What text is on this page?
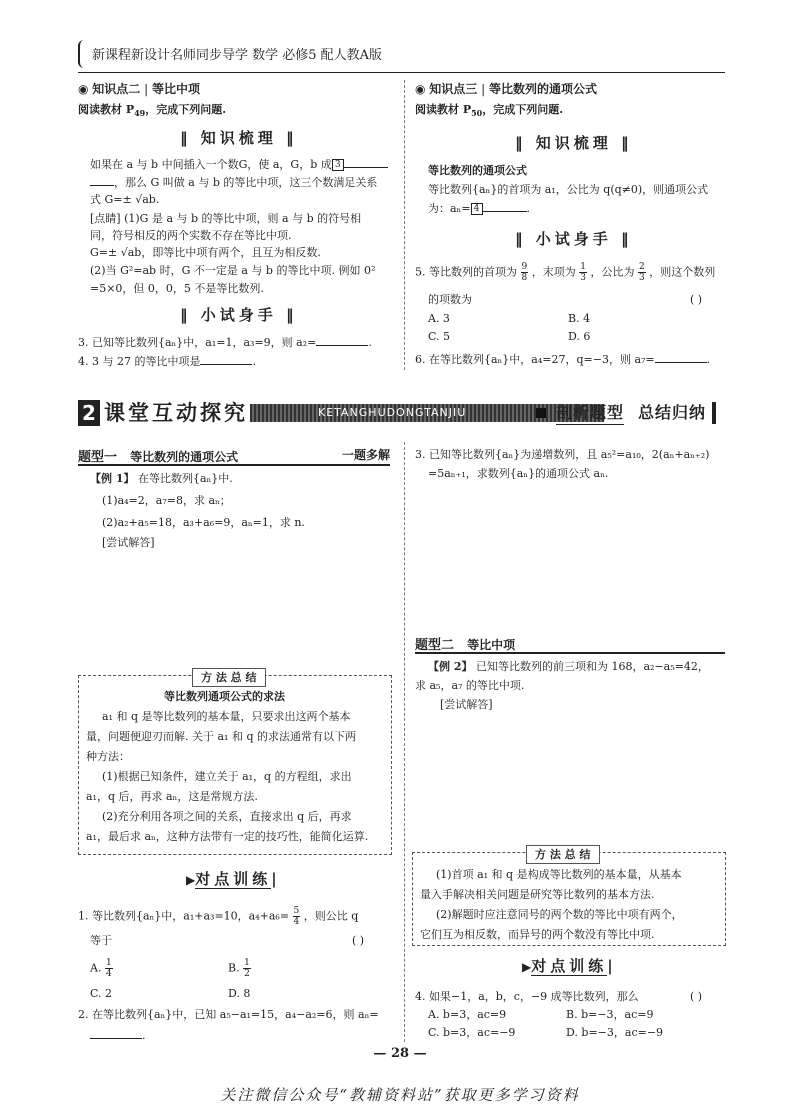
新课程新设计名师同步导学 数学 必修5 配人教A版
◉ 知识点二 | 等比中项
阅读教材 $P_{49}$，完成下列问题.
‖ 知识梳理 ‖
如果在 a 与 b 中间插入一个数G，使 a，G，b 成 3
，那么 G 叫做 a 与 b 的等比中项，这三个数满足关系
式 G=± √ab.
[点睛] (1)G 是 a 与 b 的等比中项，则 a 与 b 的符号相
同，符号相反的两个实数不存在等比中项.
G=± √ab，即等比中项有两个，且互为相反数.
(2)当 G²=ab 时，G 不一定是 a 与 b 的等比中项. 例如 0²
=5×0，但 0，0，5 不是等比数列.
‖ 小试身手 ‖
3. 已知等比数列{aₙ}中，a₁=1，a₃=9，则 a₂=	.
4. 3 与 27 的等比中项是	.
◉ 知识点三 | 等比数列的通项公式
阅读教材 $P_{50}$，完成下列问题.
‖ 知识梳理 ‖
等比数列的通项公式
等比数列{aₙ}的首项为 a₁，公比为 q(q≠0)，则通项公式
为：aₙ= 4	.
‖ 小试身手 ‖
5. 等比数列的首项为 $\frac{9}{8}$ ，末项为 $\frac{1}{3}$ ，公比为 $\frac{2}{3}$ ，则这个数列
的项数为	( )
A. 3	B. 4
C. 5	D. 6
6. 在等比数列{aₙ}中，a₄=27，q=−3，则 a₇=	.
2 课堂互动探究	KETANGHUDONGTANJIU	剖析题型 总结归纳
题型一 等比数列的通项公式	一题多解
【例 1】 在等比数列{aₙ}中.
(1)a₄=2，a₇=8，求 aₙ；
(2)a₂+a₅=18，a₃+a₆=9，aₙ=1，求 n.
[尝试解答]
方 法 总 结
等比数列通项公式的求法
a₁ 和 q 是等比数列的基本量，只要求出这两个基本
量，问题便迎刃而解. 关于 a₁ 和 q 的求法通常有以下两
种方法：
(1)根据已知条件，建立关于 a₁，q 的方程组，求出
a₁，q 后，再求 aₙ，这是常规方法.
(2)充分利用各项之间的关系，直接求出 q 后，再求
a₁，最后求 aₙ，这种方法带有一定的技巧性，能简化运算.
▶对点训练|
1. 等比数列{aₙ}中，a₁+a₃=10，$a_4+a_6= \frac{5}{4}$ ，则公比 q
等于	( )
A. $\frac{1}{4}$	B. $\frac{1}{2}$
C. 2	D. 8
2. 在等比数列{aₙ}中，已知 a₅−a₁=15，a₄−a₂=6，则 aₙ=
.
3. 已知等比数列{aₙ}为递增数列，且 a₅²=a₁₀，2(aₙ+aₙ₊₂)
=5aₙ₊₁，求数列{aₙ}的通项公式 aₙ.
题型二 等比中项
【例 2】 已知等比数列的前三项和为 168，a₂−a₅=42，
求 a₅，a₇ 的等比中项.
[尝试解答]
方 法 总 结
(1)首项 a₁ 和 q 是构成等比数列的基本量，从基本
量入手解决相关问题是研究等比数列的基本方法.
(2)解题时应注意同号的两个数的等比中项有两个，
它们互为相反数，而异号的两个数没有等比中项.
▶对点训练|
4. 如果−1，a，b，c，−9 成等比数列，那么	( )
A. b=3，ac=9	B. b=−3，ac=9
C. b=3，ac=−9	D. b=−3，ac=−9
— 28 —
关注微信公众号“教辅资料站”获取更多学习资料
